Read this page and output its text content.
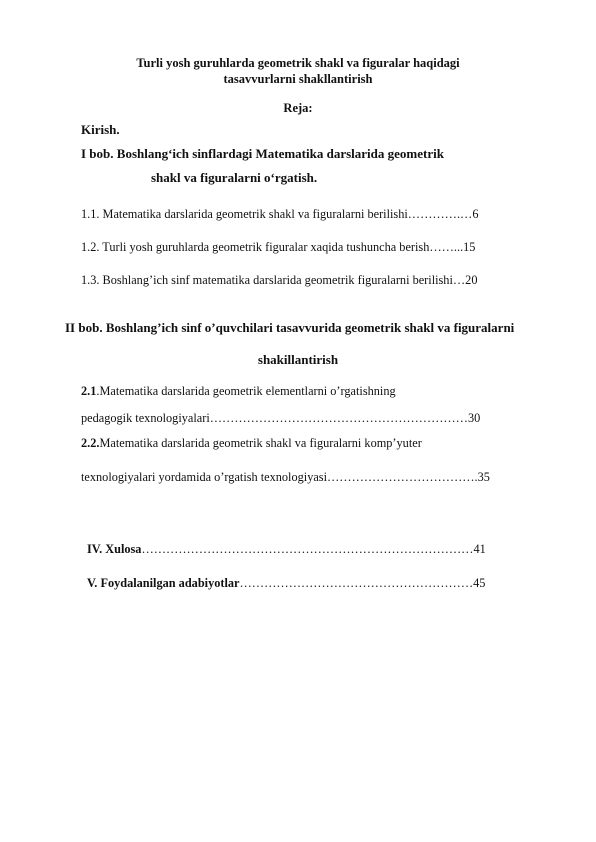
Turli yosh guruhlarda geometrik shakl va figuralar haqidagi
tasavvurlarni shakllantirish
Reja:
Kirish.
I bob. Boshlang‘ich sinflardagi Matematika darslarida geometrik
shakl va figuralarni o‘rgatish.
1.1. Matematika darslarida geometrik shakl va figuralarni berilishi………….…6
1.2. Turli yosh guruhlarda geometrik figuralar xaqida tushuncha berish……...15
1.3. Boshlang’ich sinf matematika darslarida geometrik figuralarni berilishi…20
II bob. Boshlang’ich sinf o’quvchilari tasavvurida geometrik shakl va figuralarni
shakillantirish
2.1.Matematika darslarida geometrik elementlarni o’rgatishning
pedagogik texnologiyalari………………………………………………………30
2.2.Matematika darslarida geometrik shakl va figuralarni komp’yuter
texnologiyalari yordamida o’rgatish texnologiyasi……………………………….35
IV. Xulosa………………………………………………………………………41
V. Foydalanilgan adabiyotlar…………………………………………………45
